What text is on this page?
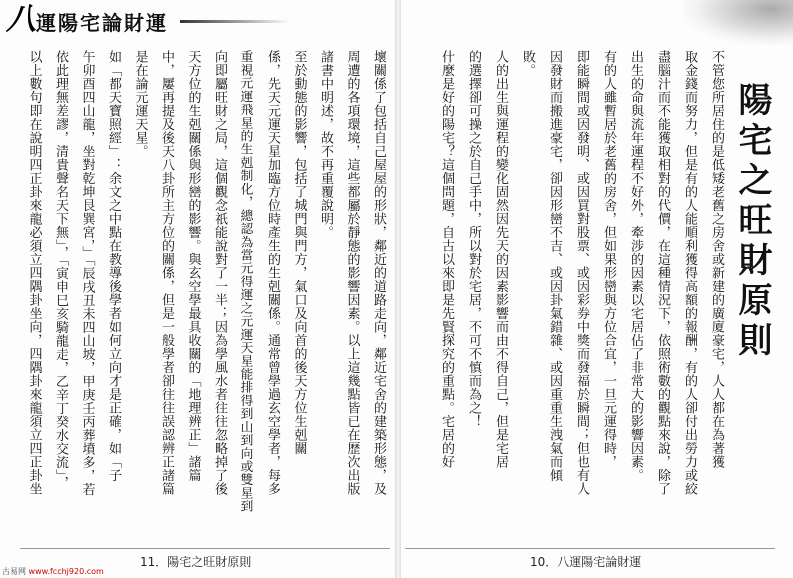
八 運陽宅論財運
陽宅之旺財原則
不管您所居住的是低矮老舊之房舍或新建的廣廈豪宅，人人都在為著獲
取金錢而努力，但是有的人能順利獲得高額的報酬，有的人卻付出勞力或絞
盡腦汁而不能獲取相對的代價，在這種情況下，依照術數的觀點來說，除了
出生的命與流年運程不好外，牽涉的因素以宅居佔了非常大的影響因素。
有的人雖暫居於老舊的房舍，但如果形巒與方位合宜，一旦元運得時，
即能瞬間或因發明、或因買對股票、或因彩券中獎而發福於瞬間；但也有人
因發財而搬進豪宅，卻因形巒不吉、或因卦氣錯雜、或因重重生洩氣而傾
敗。
人的出生與運程的變化固然因先天的因素影響而由不得自己，但是宅居
的選擇卻可操之於自己手中，所以對於宅居，不可不慎而為之！
什麼是好的陽宅？這個問題，自古以來即是先賢探究的重點。宅居的好
壞關係了包括自己屋屋的形狀，鄰近的道路走向，鄰近宅舍的建築形態，及
周遭的各項環境，這些都屬於靜態的影響因素。以上這幾點皆已在歷次出版
諸書中明述，故不再重覆說明。
至於動態的影響，包括了城門與門方，氣口及向首的後天方位生剋關
係，先天元運天星加臨方位時產生的生剋關係。通常曾學過玄空學者，每多
重視元運飛星的生剋制化，總認為當元得運之元運天星能排得到山到向或雙星到
向即屬旺財之局，這個觀念祇能說對了一半；因為學風水者往往忽略掉了後
天方位的生剋關係與形巒的影響。與玄空學最具收關的「地理辨正」諸篇
中，屢再提及後天八卦所主方位的關係，但是一般學者卻往往誤認辨正諸篇
是在論元運天星。
如「都天寶照經」：余文之中點在教導後學者如何立向才是正確，如「子
午卯酉四山龍，坐對乾坤艮巽宮，」「辰戌丑未四山坡，甲庚壬丙葬墳多，若
依此理無差謬，清貴聲名天下無」，「寅申巳亥騎龍走，乙辛丁癸水交流」，
以上數句即在說明四正卦來龍必須立四隅卦坐向，四隅卦來龍須立四正卦坐
11．陽宅之旺財原則	10．八運陽宅論財運
古易网 www.fcchj920.com
